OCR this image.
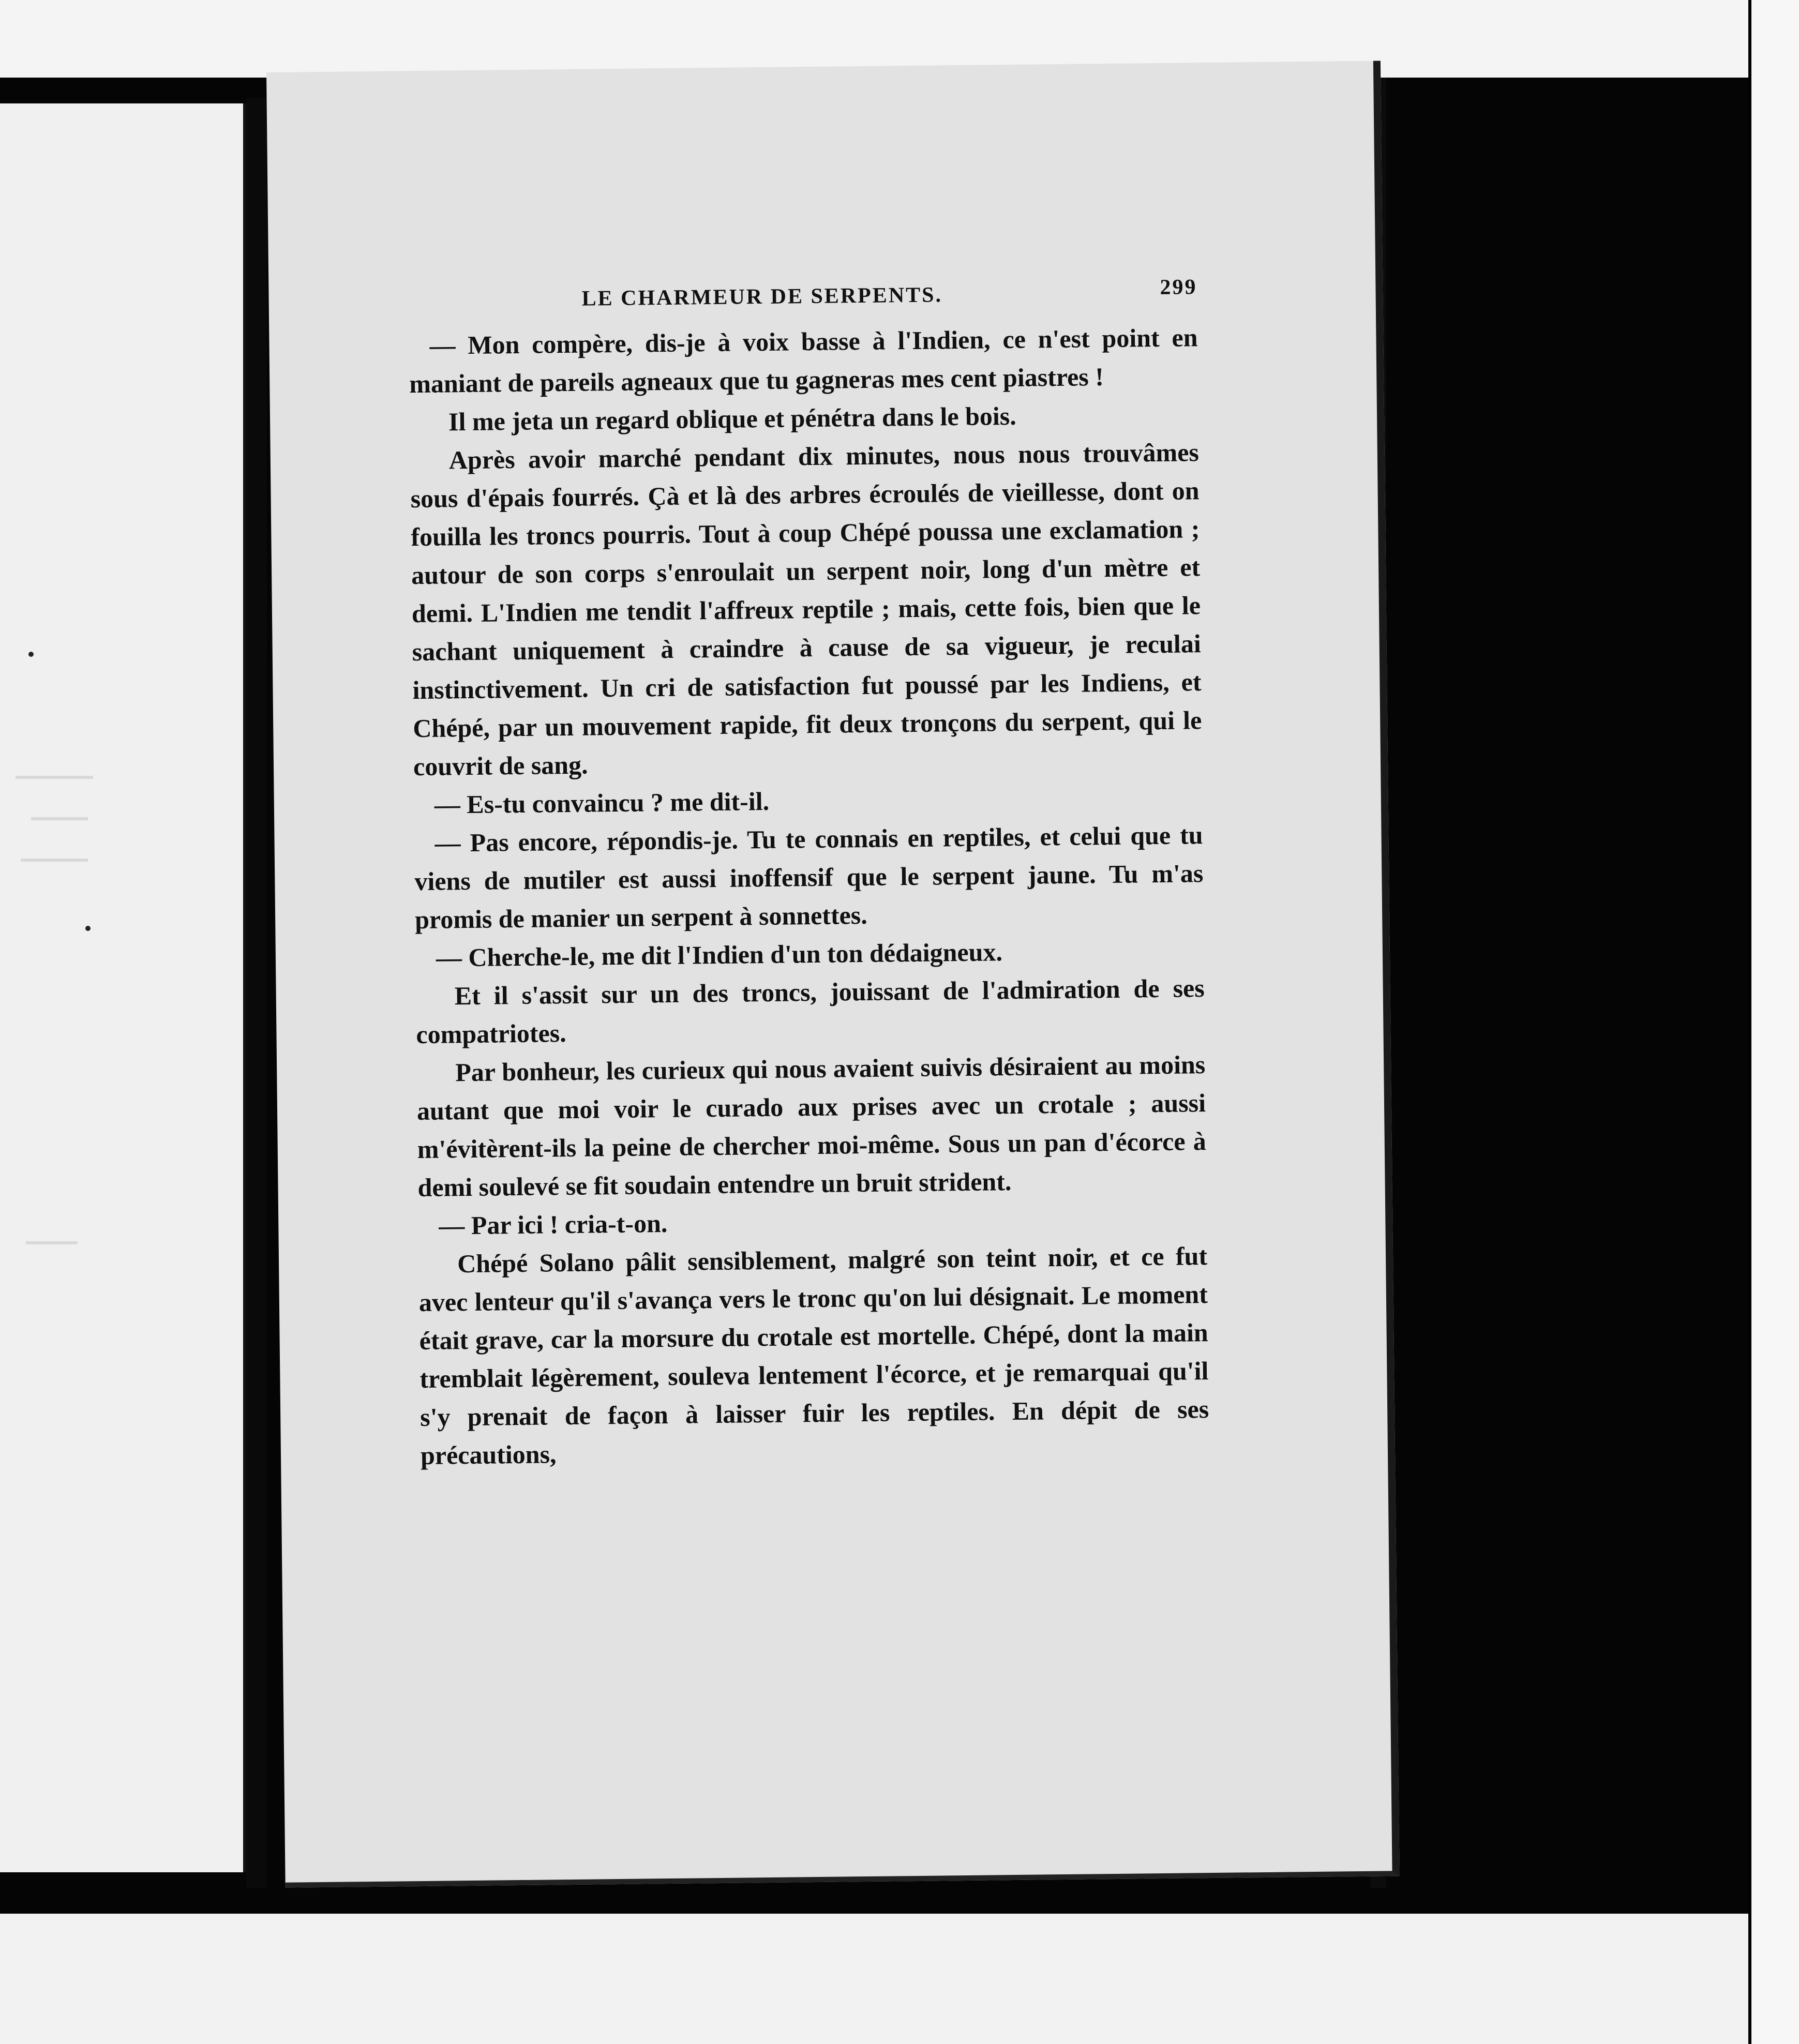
LE CHARMEUR DE SERPENTS.	299

— Mon compère, dis-je à voix basse à l'Indien, ce n'est point en maniant de pareils agneaux que tu gagneras mes cent piastres !

Il me jeta un regard oblique et pénétra dans le bois.

Après avoir marché pendant dix minutes, nous nous trouvâmes sous d'épais fourrés. Çà et là des arbres écroulés de vieillesse, dont on fouilla les troncs pourris. Tout à coup Chépé poussa une exclamation ; autour de son corps s'enroulait un serpent noir, long d'un mètre et demi. L'Indien me tendit l'affreux reptile ; mais, cette fois, bien que le sachant uniquement à craindre à cause de sa vigueur, je reculai instinctivement. Un cri de satisfaction fut poussé par les Indiens, et Chépé, par un mouvement rapide, fit deux tronçons du serpent, qui le couvrit de sang.

— Es-tu convaincu ? me dit-il.

— Pas encore, répondis-je. Tu te connais en reptiles, et celui que tu viens de mutiler est aussi inoffensif que le serpent jaune. Tu m'as promis de manier un serpent à sonnettes.

— Cherche-le, me dit l'Indien d'un ton dédaigneux.

Et il s'assit sur un des troncs, jouissant de l'admiration de ses compatriotes.

Par bonheur, les curieux qui nous avaient suivis désiraient au moins autant que moi voir le curado aux prises avec un crotale ; aussi m'évitèrent-ils la peine de chercher moi-même. Sous un pan d'écorce à demi soulevé se fit soudain entendre un bruit strident.

— Par ici ! cria-t-on.

Chépé Solano pâlit sensiblement, malgré son teint noir, et ce fut avec lenteur qu'il s'avança vers le tronc qu'on lui désignait. Le moment était grave, car la morsure du crotale est mortelle. Chépé, dont la main tremblait légèrement, souleva lentement l'écorce, et je remarquai qu'il s'y prenait de façon à laisser fuir les reptiles. En dépit de ses précautions,
